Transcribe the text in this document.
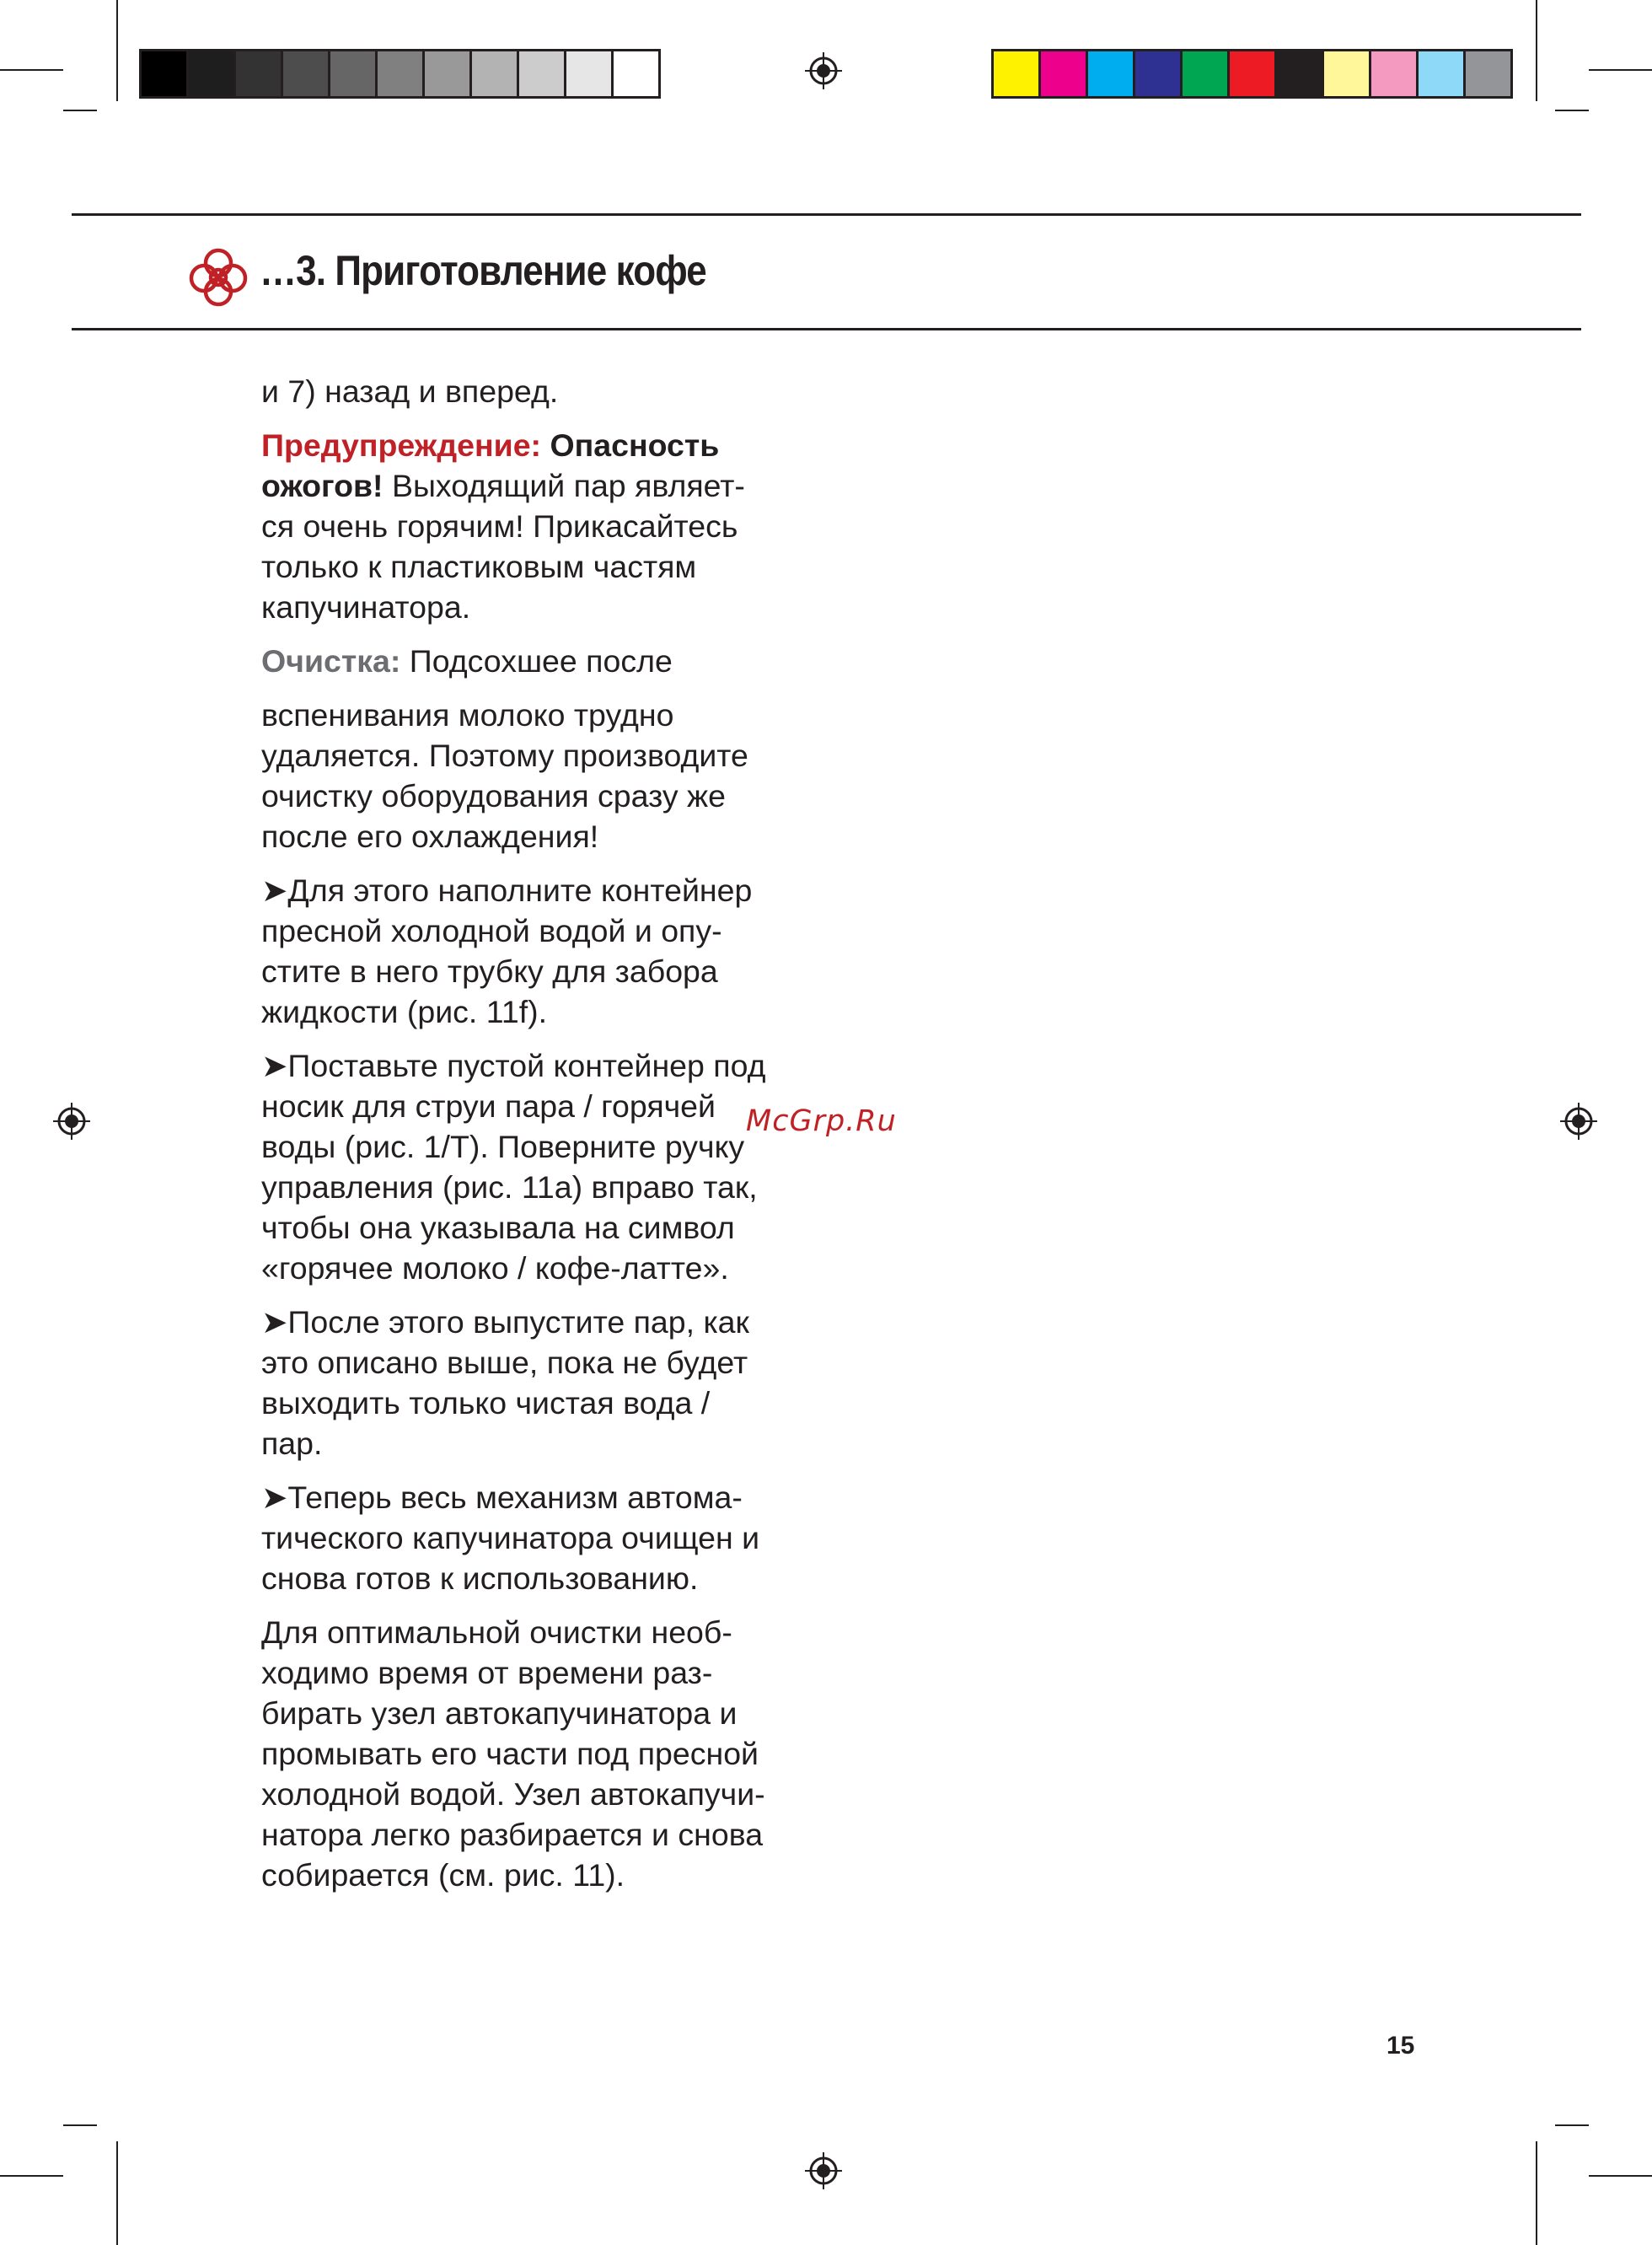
…3. Приготовление кофе

и 7) назад и вперед.

Предупреждение: Опасность

ожогов! Выходящий пар являет-

ся очень горячим! Прикасайтесь

только к пластиковым частям

капучинатора.

Очистка: Подсохшее после

вспенивания молоко трудно

удаляется. Поэтому производите

очистку оборудования сразу же

после его охлаждения!

➤Для этого наполните контейнер

пресной холодной водой и опу-

стите в него трубку для забора

жидкости (рис. 11f).

➤Поставьте пустой контейнер под

носик для струи пара / горячей

воды (рис. 1/T). Поверните ручку

управления (рис. 11a) вправо так,

чтобы она указывала на символ

«горячее молоко / кофе-латте».

➤После этого выпустите пар, как

это описано выше, пока не будет

выходить только чистая вода /

пар.

➤Теперь весь механизм автома-

тического капучинатора очищен и

снова готов к использованию.

Для оптимальной очистки необ-

ходимо время от времени раз-

бирать узел автокапучинатора и

промывать его части под пресной

холодной водой. Узел автокапучи-

натора легко разбирается и снова

собирается (см. рис. 11).

McGrp.Ru
15
